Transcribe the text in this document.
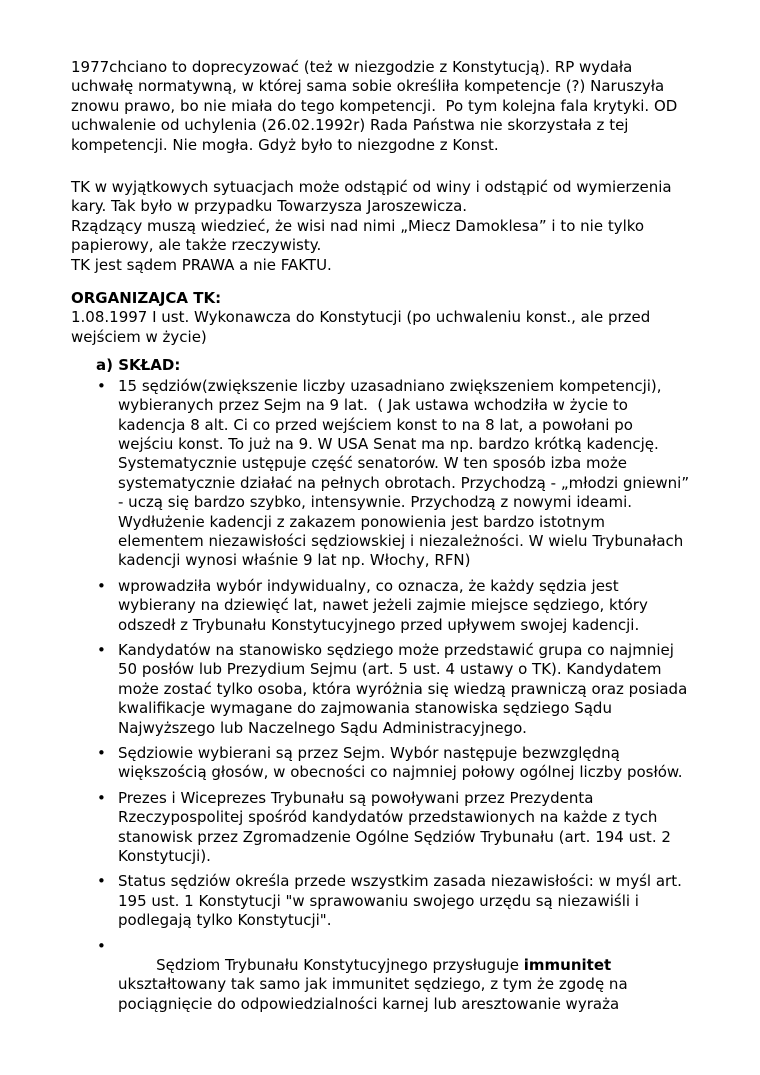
1977chciano to doprecyzować (też w niezgodzie z Konstytucją). RP wydała uchwałę normatywną, w której sama sobie określiła kompetencje (?) Naruszyła znowu prawo, bo nie miała do tego kompetencji.  Po tym kolejna fala krytyki. OD uchwalenie od uchylenia (26.02.1992r) Rada Państwa nie skorzystała z tej kompetencji. Nie mogła. Gdyż było to niezgodne z Konst.

TK w wyjątkowych sytuacjach może odstąpić od winy i odstąpić od wymierzenia kary. Tak było w przypadku Towarzysza Jaroszewicza.

Rządzący muszą wiedzieć, że wisi nad nimi „Miecz Damoklesa” i to nie tylko papierowy, ale także rzeczywisty.

TK jest sądem PRAWA a nie FAKTU.

ORGANIZAJCA TK:

1.08.1997 I ust. Wykonawcza do Konstytucji (po uchwaleniu konst., ale przed wejściem w życie)

a) SKŁAD:

• 15 sędziów(zwiększenie liczby uzasadniano zwiększeniem kompetencji), wybieranych przez Sejm na 9 lat.  ( Jak ustawa wchodziła w życie to kadencja 8 alt. Ci co przed wejściem konst to na 8 lat, a powołani po wejściu konst. To już na 9. W USA Senat ma np. bardzo krótką kadencję. Systematycznie ustępuje część senatorów. W ten sposób izba może systematycznie działać na pełnych obrotach. Przychodzą - „młodzi gniewni” - uczą się bardzo szybko, intensywnie. Przychodzą z nowymi ideami. Wydłużenie kadencji z zakazem ponowienia jest bardzo istotnym elementem niezawisłości sędziowskiej i niezależności. W wielu Trybunałach kadencji wynosi właśnie 9 lat np. Włochy, RFN)
• wprowadziła wybór indywidualny, co oznacza, że każdy sędzia jest wybierany na dziewięć lat, nawet jeżeli zajmie miejsce sędziego, który odszedł z Trybunału Konstytucyjnego przed upływem swojej kadencji.
• Kandydatów na stanowisko sędziego może przedstawić grupa co najmniej 50 posłów lub Prezydium Sejmu (art. 5 ust. 4 ustawy o TK). Kandydatem może zostać tylko osoba, która wyróżnia się wiedzą prawniczą oraz posiada kwalifikacje wymagane do zajmowania stanowiska sędziego Sądu Najwyższego lub Naczelnego Sądu Administracyjnego.
• Sędziowie wybierani są przez Sejm. Wybór następuje bezwzględną większością głosów, w obecności co najmniej połowy ogólnej liczby posłów.
• Prezes i Wiceprezes Trybunału są powoływani przez Prezydenta Rzeczypospolitej spośród kandydatów przedstawionych na każde z tych stanowisk przez Zgromadzenie Ogólne Sędziów Trybunału (art. 194 ust. 2 Konstytucji).
• Status sędziów określa przede wszystkim zasada niezawisłości: w myśl art. 195 ust. 1 Konstytucji "w sprawowaniu swojego urzędu są niezawiśli i podlegają tylko Konstytucji".

• Sędziom Trybunału Konstytucyjnego przysługuje immunitet ukształtowany tak samo jak immunitet sędziego, z tym że zgodę na pociągnięcie do odpowiedzialności karnej lub aresztowanie wyraża
